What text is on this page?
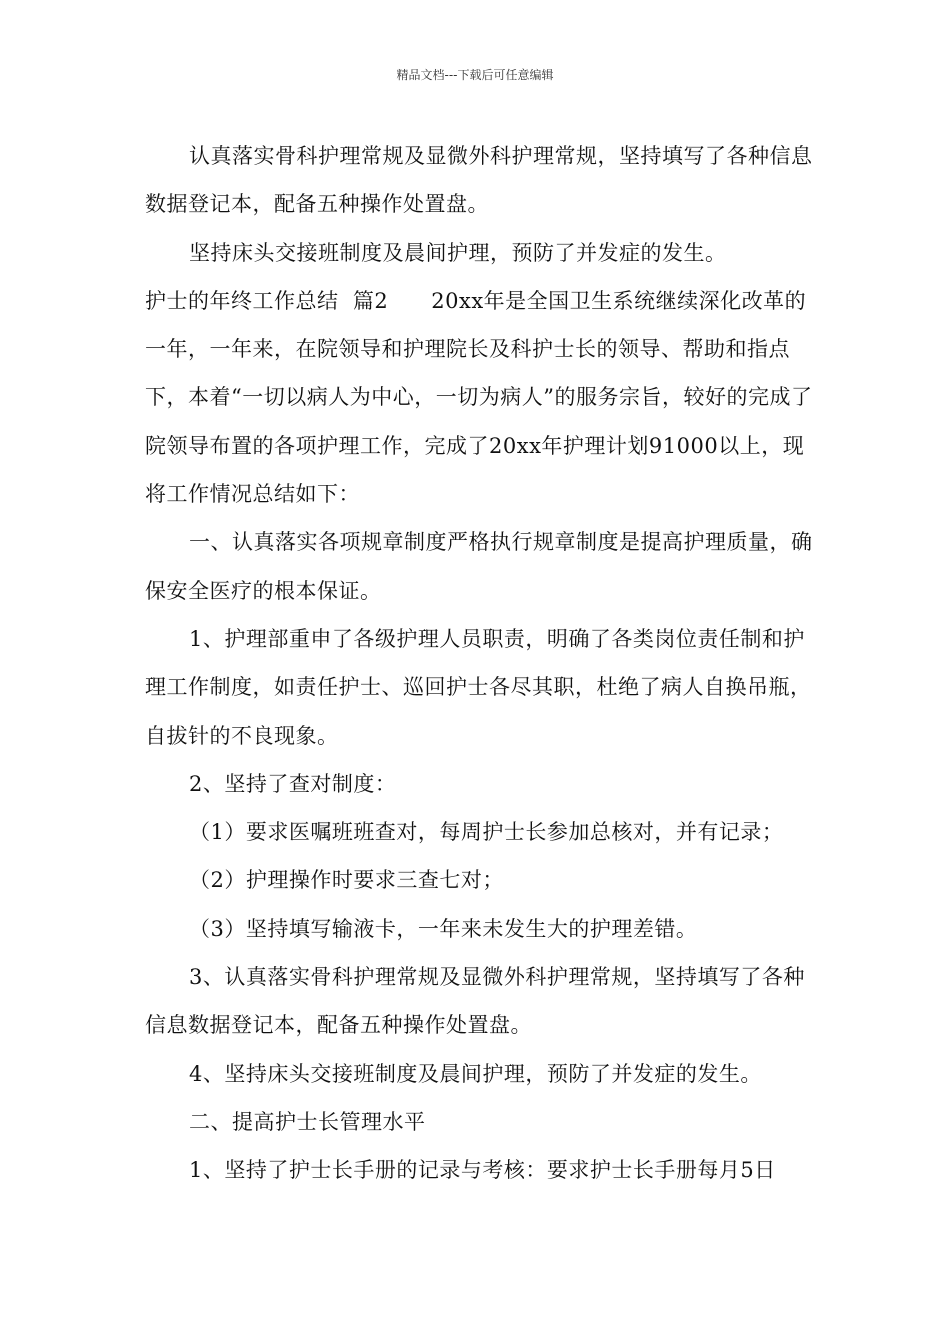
精品文档---下载后可任意编辑

认真落实骨科护理常规及显微外科护理常规，坚持填写了各种信息数据登记本，配备五种操作处置盘。

坚持床头交接班制度及晨间护理，预防了并发症的发生。

护士的年终工作总结  篇2      20xx年是全国卫生系统继续深化改革的一年，一年来，在院领导和护理院长及科护士长的领导、帮助和指点下，本着“一切以病人为中心，一切为病人”的服务宗旨，较好的完成了院领导布置的各项护理工作，完成了20xx年护理计划91000以上，现将工作情况总结如下：

一、认真落实各项规章制度严格执行规章制度是提高护理质量，确保安全医疗的根本保证。

1、护理部重申了各级护理人员职责，明确了各类岗位责任制和护理工作制度，如责任护士、巡回护士各尽其职，杜绝了病人自换吊瓶，自拔针的不良现象。

2、坚持了查对制度：

（1）要求医嘱班班查对，每周护士长参加总核对，并有记录；

（2）护理操作时要求三查七对；

（3）坚持填写输液卡，一年来未发生大的护理差错。

3、认真落实骨科护理常规及显微外科护理常规，坚持填写了各种信息数据登记本，配备五种操作处置盘。

4、坚持床头交接班制度及晨间护理，预防了并发症的发生。

二、提高护士长管理水平

1、坚持了护士长手册的记录与考核：要求护士长手册每月5日
